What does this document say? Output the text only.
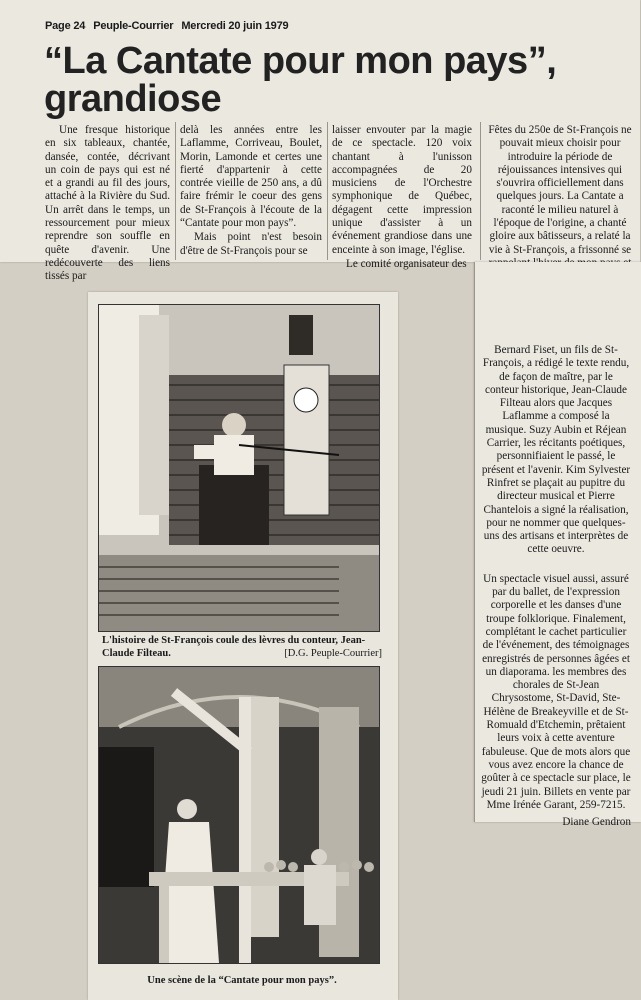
Page 24 Peuple-Courrier Mercredi 20 juin 1979
“La Cantate pour mon pays”, grandiose

Une fresque historique en six tableaux, chantée, dansée, contée, décrivant un coin de pays qui est né et a grandi au fil des jours, attaché à la Rivière du Sud. Un arrêt dans le temps, un ressourcement pour mieux reprendre son souffle en quête d'avenir. Une redécouverte des liens tissés par

delà les années entre les Laflamme, Corriveau, Boulet, Morin, Lamonde et certes une fierté d'appartenir à cette contrée vieille de 250 ans, a dû faire frémir le coeur des gens de St-François à l'écoute de la “Cantate pour mon pays”.

Mais point n'est besoin d'être de St-François pour se

laisser envouter par la magie de ce spectacle. 120 voix chantant à l'unisson accompagnées de 20 musiciens de l'Orchestre symphonique de Québec, dégagent cette impression unique d'assister à un événement grandiose dans une enceinte à son image, l'église.

Le comité organisateur des

Fêtes du 250e de St-François ne pouvait mieux choisir pour introduire la période de réjouissances intensives qui s'ouvrira officiellement dans quelques jours. La Cantate a raconté le milieu naturel à l'époque de l'origine, a chanté gloire aux bâtisseurs, a relaté la vie à St-François, a frissonné se

Bernard Fiset, un fils de St-François, a rédigé le texte rendu, de façon de maître, par le conteur historique, Jean-Claude Filteau alors que Jacques Laflamme a composé la musique. Suzy Aubin et Réjean Carrier, les récitants poétiques, personnifiaient le passé, le présent et l'avenir. Kim Sylvester Rinfret se plaçait au pupitre du directeur musical et Pierre Chantelois a signé la réalisation, pour ne nommer que quelques-uns des artisans et interprètes de cette oeuvre.

Un spectacle visuel aussi, assuré par du ballet, de l'expression corporelle et les danses d'une troupe folklorique. Finalement, complétant le cachet particulier de l'événement, des témoignages enregistrés de personnes âgées et un diaporama. les membres des chorales de St-Jean Chrysostome, St-David, Ste-Hélène de Breakeyville et de St-Romuald d'Etchemin, prêtaient leurs voix à cette aventure fabuleuse. Que de mots alors que vous avez encore la chance de goûter à ce spectacle sur place, le jeudi 21 juin. Billets en vente par Mme Irénée Garant, 259-7215.

Diane Gendron

L'histoire de St-François coule des lèvres du conteur, Jean-Claude Filteau.	[D.G. Peuple-Courrier]
Une scène de la “Cantate pour mon pays”.
